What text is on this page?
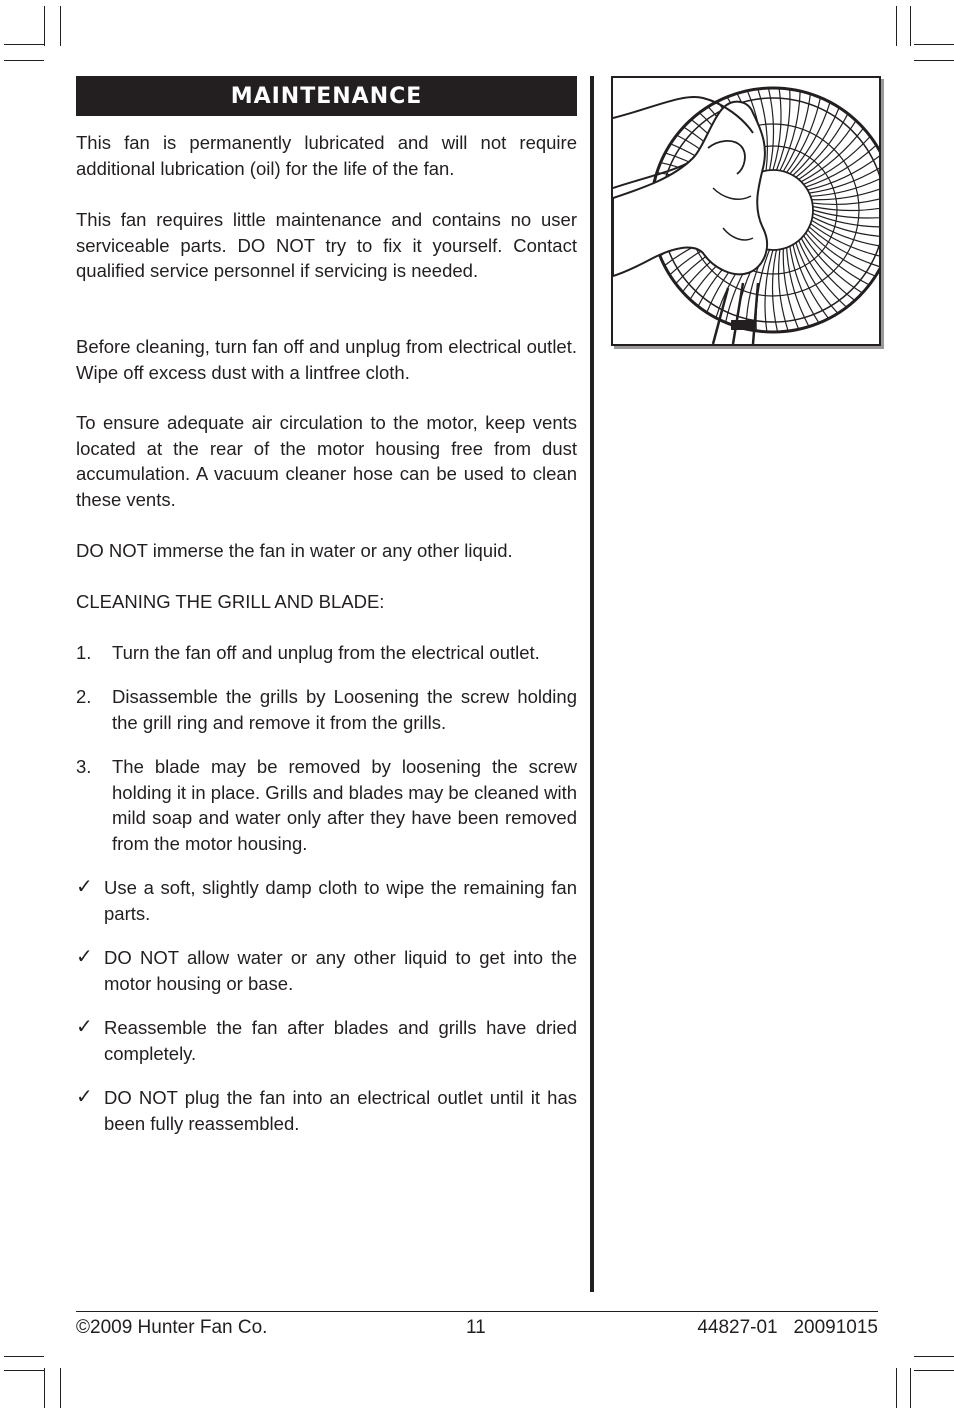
MAINTENANCE

This fan is permanently lubricated and will not require additional lubrication (oil) for the life of the fan.

This fan requires little maintenance and contains no user serviceable parts. DO NOT try to fix it yourself. Contact qualified service personnel if servicing is needed.

Before cleaning, turn fan off and unplug from electrical outlet. Wipe off excess dust with a lintfree cloth.

To ensure adequate air circulation to the motor, keep vents located at the rear of the motor housing free from dust accumulation. A vacuum cleaner hose can be used to clean these vents.

DO NOT immerse the fan in water or any other liquid.

CLEANING THE GRILL AND BLADE:

1.	Turn the fan off and unplug from the electrical outlet.
2.	Disassemble the grills by Loosening the screw holding the grill ring and remove it from the grills.
3.	The blade may be removed by loosening the screw holding it in place. Grills and blades may be cleaned with mild soap and water only after they have been removed from the motor housing.
✓ Use a soft, slightly damp cloth to wipe the remaining fan parts.
✓ DO NOT allow water or any other liquid to get into the motor housing or base.
✓ Reassemble the fan after blades and grills have dried completely.
✓ DO NOT plug the fan into an electrical outlet until it has been fully reassembled.
©2009 Hunter Fan Co.	11	44827-01   20091015
